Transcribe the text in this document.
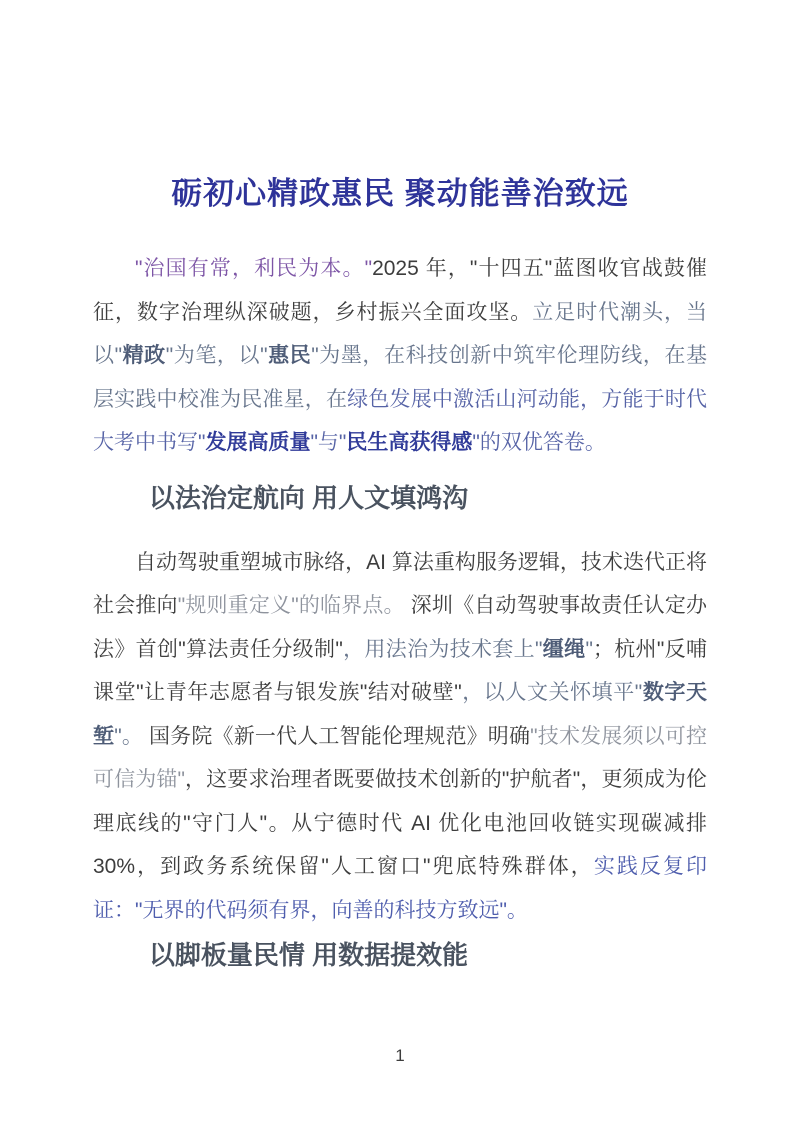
砺初心精政惠民 聚动能善治致远

"治国有常，利民为本。"2025 年，"十四五"蓝图收官战鼓催征，数字治理纵深破题，乡村振兴全面攻坚。立足时代潮头，当以"精政"为笔，以"惠民"为墨，在科技创新中筑牢伦理防线，在基层实践中校准为民准星，在绿色发展中激活山河动能，方能于时代大考中书写"发展高质量"与"民生高获得感"的双优答卷。

以法治定航向 用人文填鸿沟

自动驾驶重塑城市脉络，AI 算法重构服务逻辑，技术迭代正将社会推向"规则重定义"的临界点。 深圳《自动驾驶事故责任认定办法》首创"算法责任分级制"，用法治为技术套上"缰绳"；杭州"反哺课堂"让青年志愿者与银发族"结对破壁"，以人文关怀填平"数字天堑"。 国务院《新一代人工智能伦理规范》明确"技术发展须以可控可信为锚"，这要求治理者既要做技术创新的"护航者"，更须成为伦理底线的"守门人"。从宁德时代 AI 优化电池回收链实现碳减排 30%，到政务系统保留"人工窗口"兜底特殊群体，实践反复印证："无界的代码须有界，向善的科技方致远"。

以脚板量民情 用数据提效能
1
